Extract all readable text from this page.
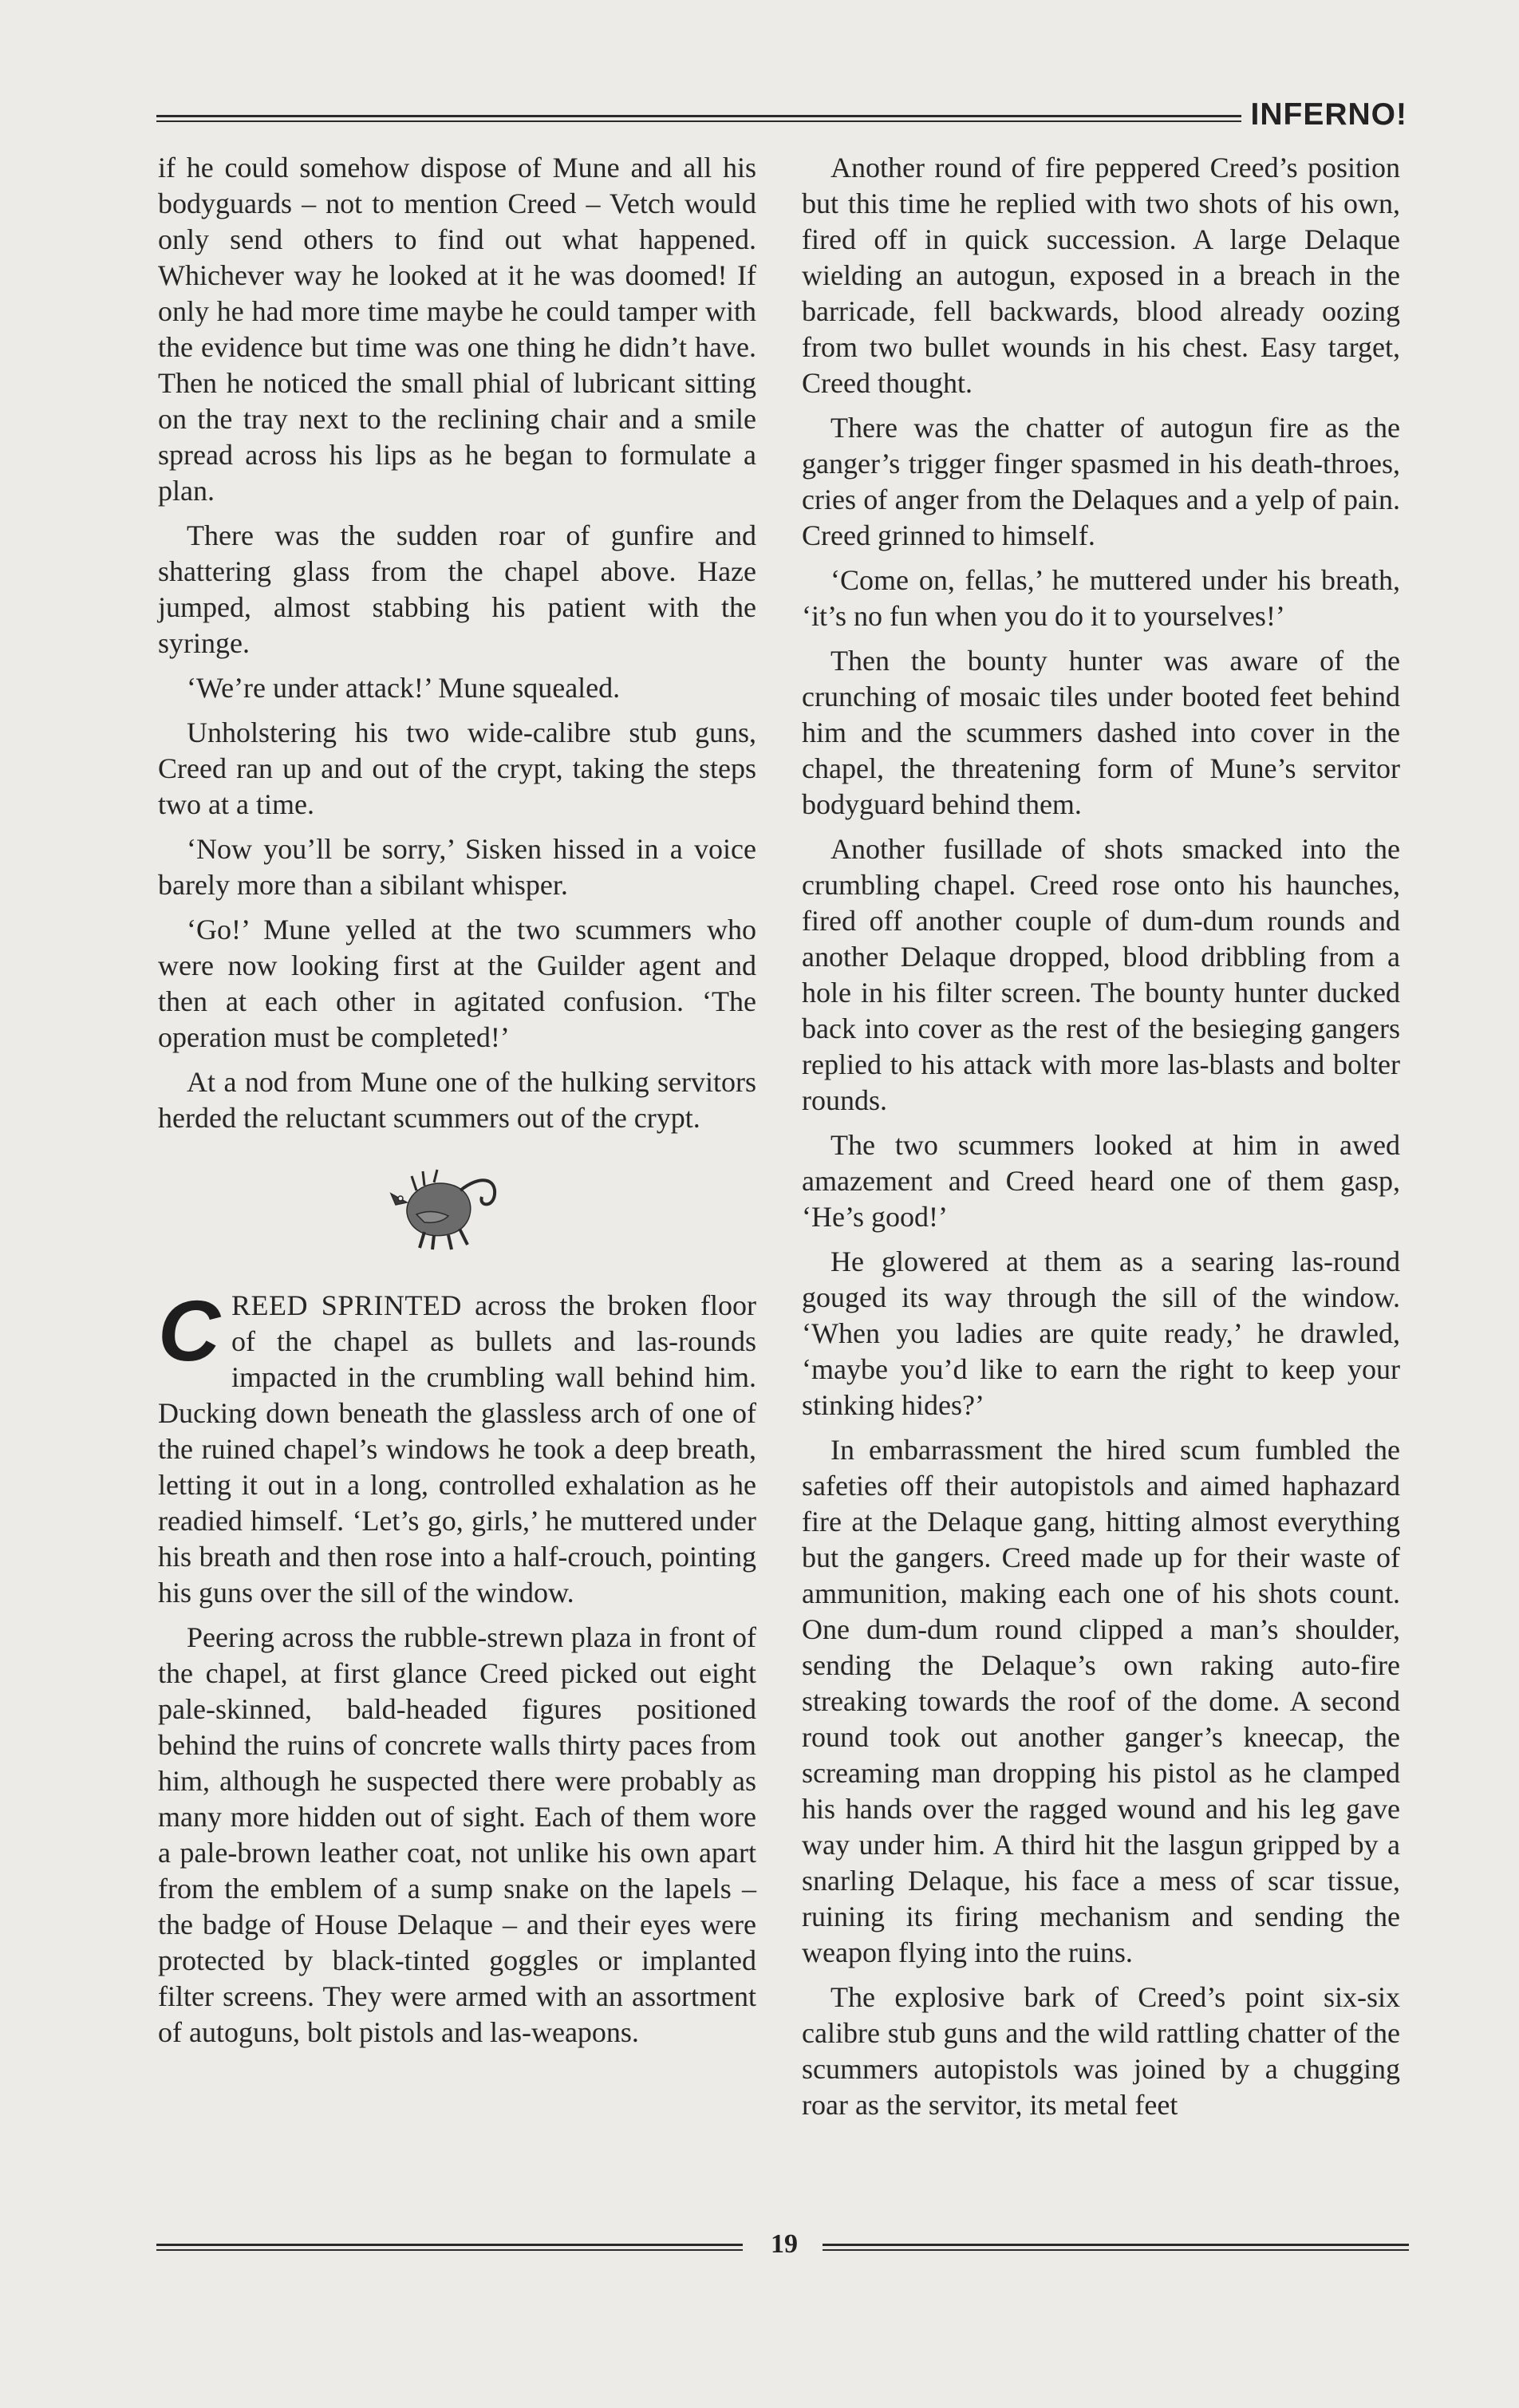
INFERNO!

if he could somehow dispose of Mune and all his bodyguards – not to mention Creed – Vetch would only send others to find out what happened. Whichever way he looked at it he was doomed! If only he had more time maybe he could tamper with the evidence but time was one thing he didn’t have. Then he noticed the small phial of lubricant sitting on the tray next to the reclining chair and a smile spread across his lips as he began to formulate a plan.

There was the sudden roar of gunfire and shattering glass from the chapel above. Haze jumped, almost stabbing his patient with the syringe.

‘We’re under attack!’ Mune squealed.

Unholstering his two wide-calibre stub guns, Creed ran up and out of the crypt, taking the steps two at a time.

‘Now you’ll be sorry,’ Sisken hissed in a voice barely more than a sibilant whisper.

‘Go!’ Mune yelled at the two scummers who were now looking first at the Guilder agent and then at each other in agitated confusion. ‘The operation must be completed!’

At a nod from Mune one of the hulking servitors herded the reluctant scummers out of the crypt.

CREED SPRINTED across the broken floor of the chapel as bullets and las-rounds impacted in the crumbling wall behind him. Ducking down beneath the glassless arch of one of the ruined chapel’s windows he took a deep breath, letting it out in a long, controlled exhalation as he readied himself. ‘Let’s go, girls,’ he muttered under his breath and then rose into a half-crouch, pointing his guns over the sill of the window.

Peering across the rubble-strewn plaza in front of the chapel, at first glance Creed picked out eight pale-skinned, bald-headed figures positioned behind the ruins of concrete walls thirty paces from him, although he suspected there were probably as many more hidden out of sight. Each of them wore a pale-brown leather coat, not unlike his own apart from the emblem of a sump snake on the lapels – the badge of House Delaque – and their eyes were protected by black-tinted goggles or implanted filter screens. They were armed with an assortment of autoguns, bolt pistols and las-weapons.

Another round of fire peppered Creed’s position but this time he replied with two shots of his own, fired off in quick succession. A large Delaque wielding an autogun, exposed in a breach in the barricade, fell backwards, blood already oozing from two bullet wounds in his chest. Easy target, Creed thought.

There was the chatter of autogun fire as the ganger’s trigger finger spasmed in his death-throes, cries of anger from the Delaques and a yelp of pain. Creed grinned to himself.

‘Come on, fellas,’ he muttered under his breath, ‘it’s no fun when you do it to yourselves!’

Then the bounty hunter was aware of the crunching of mosaic tiles under booted feet behind him and the scummers dashed into cover in the chapel, the threatening form of Mune’s servitor bodyguard behind them.

Another fusillade of shots smacked into the crumbling chapel. Creed rose onto his haunches, fired off another couple of dum-dum rounds and another Delaque dropped, blood dribbling from a hole in his filter screen. The bounty hunter ducked back into cover as the rest of the besieging gangers replied to his attack with more las-blasts and bolter rounds.

The two scummers looked at him in awed amazement and Creed heard one of them gasp, ‘He’s good!’

He glowered at them as a searing las-round gouged its way through the sill of the window. ‘When you ladies are quite ready,’ he drawled, ‘maybe you’d like to earn the right to keep your stinking hides?’

In embarrassment the hired scum fumbled the safeties off their autopistols and aimed haphazard fire at the Delaque gang, hitting almost everything but the gangers. Creed made up for their waste of ammunition, making each one of his shots count. One dum-dum round clipped a man’s shoulder, sending the Delaque’s own raking auto-fire streaking towards the roof of the dome. A second round took out another ganger’s kneecap, the screaming man dropping his pistol as he clamped his hands over the ragged wound and his leg gave way under him. A third hit the lasgun gripped by a snarling Delaque, his face a mess of scar tissue, ruining its firing mechanism and sending the weapon flying into the ruins.

The explosive bark of Creed’s point six-six calibre stub guns and the wild rattling chatter of the scummers autopistols was joined by a chugging roar as the servitor, its metal feet

19
